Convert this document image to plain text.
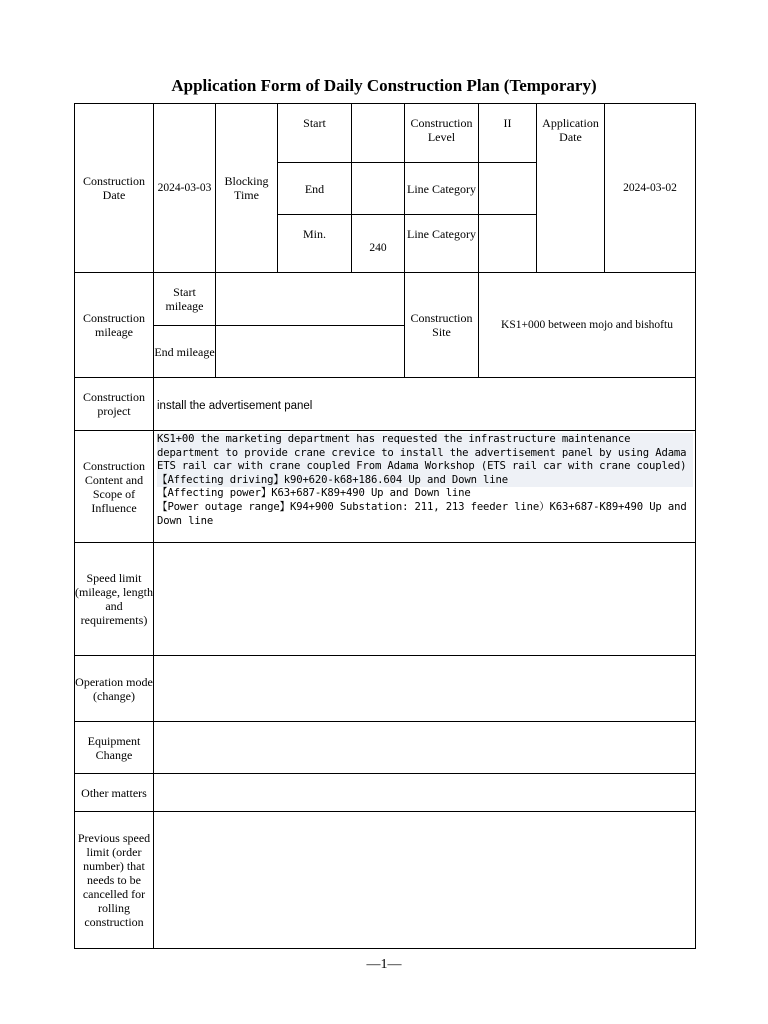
Application Form of Daily Construction Plan (Temporary)
Construction Date	2024-03-03	Blocking Time	Start		Construction Level	II	Application Date	2024-03-02
			End		Line Category			
			Min.	240	Line Category			
Construction mileage	Start mileage				Construction Site	KS1+000 between mojo and bishoftu		
	End mileage							
Construction project	install the advertisement panel							
Construction Content and Scope of Influence	KS1+00 the marketing department has requested the infrastructure maintenance department to provide crane crevice to install the advertisement panel by using Adama ETS rail car with crane coupled From Adama Workshop (ETS rail car with crane coupled)
【Affecting driving】k90+620-k68+186.604 Up and Down line
【Affecting power】K63+687-K89+490 Up and Down line
【Power outage range】K94+900 Substation: 211, 213 feeder line）K63+687-K89+490 Up and Down line							

Speed limit (mileage, length and requirements)								
Operation mode (change)								
Equipment Change								
Other matters								
Previous speed limit (order number) that needs to be cancelled for rolling construction								
—1—
